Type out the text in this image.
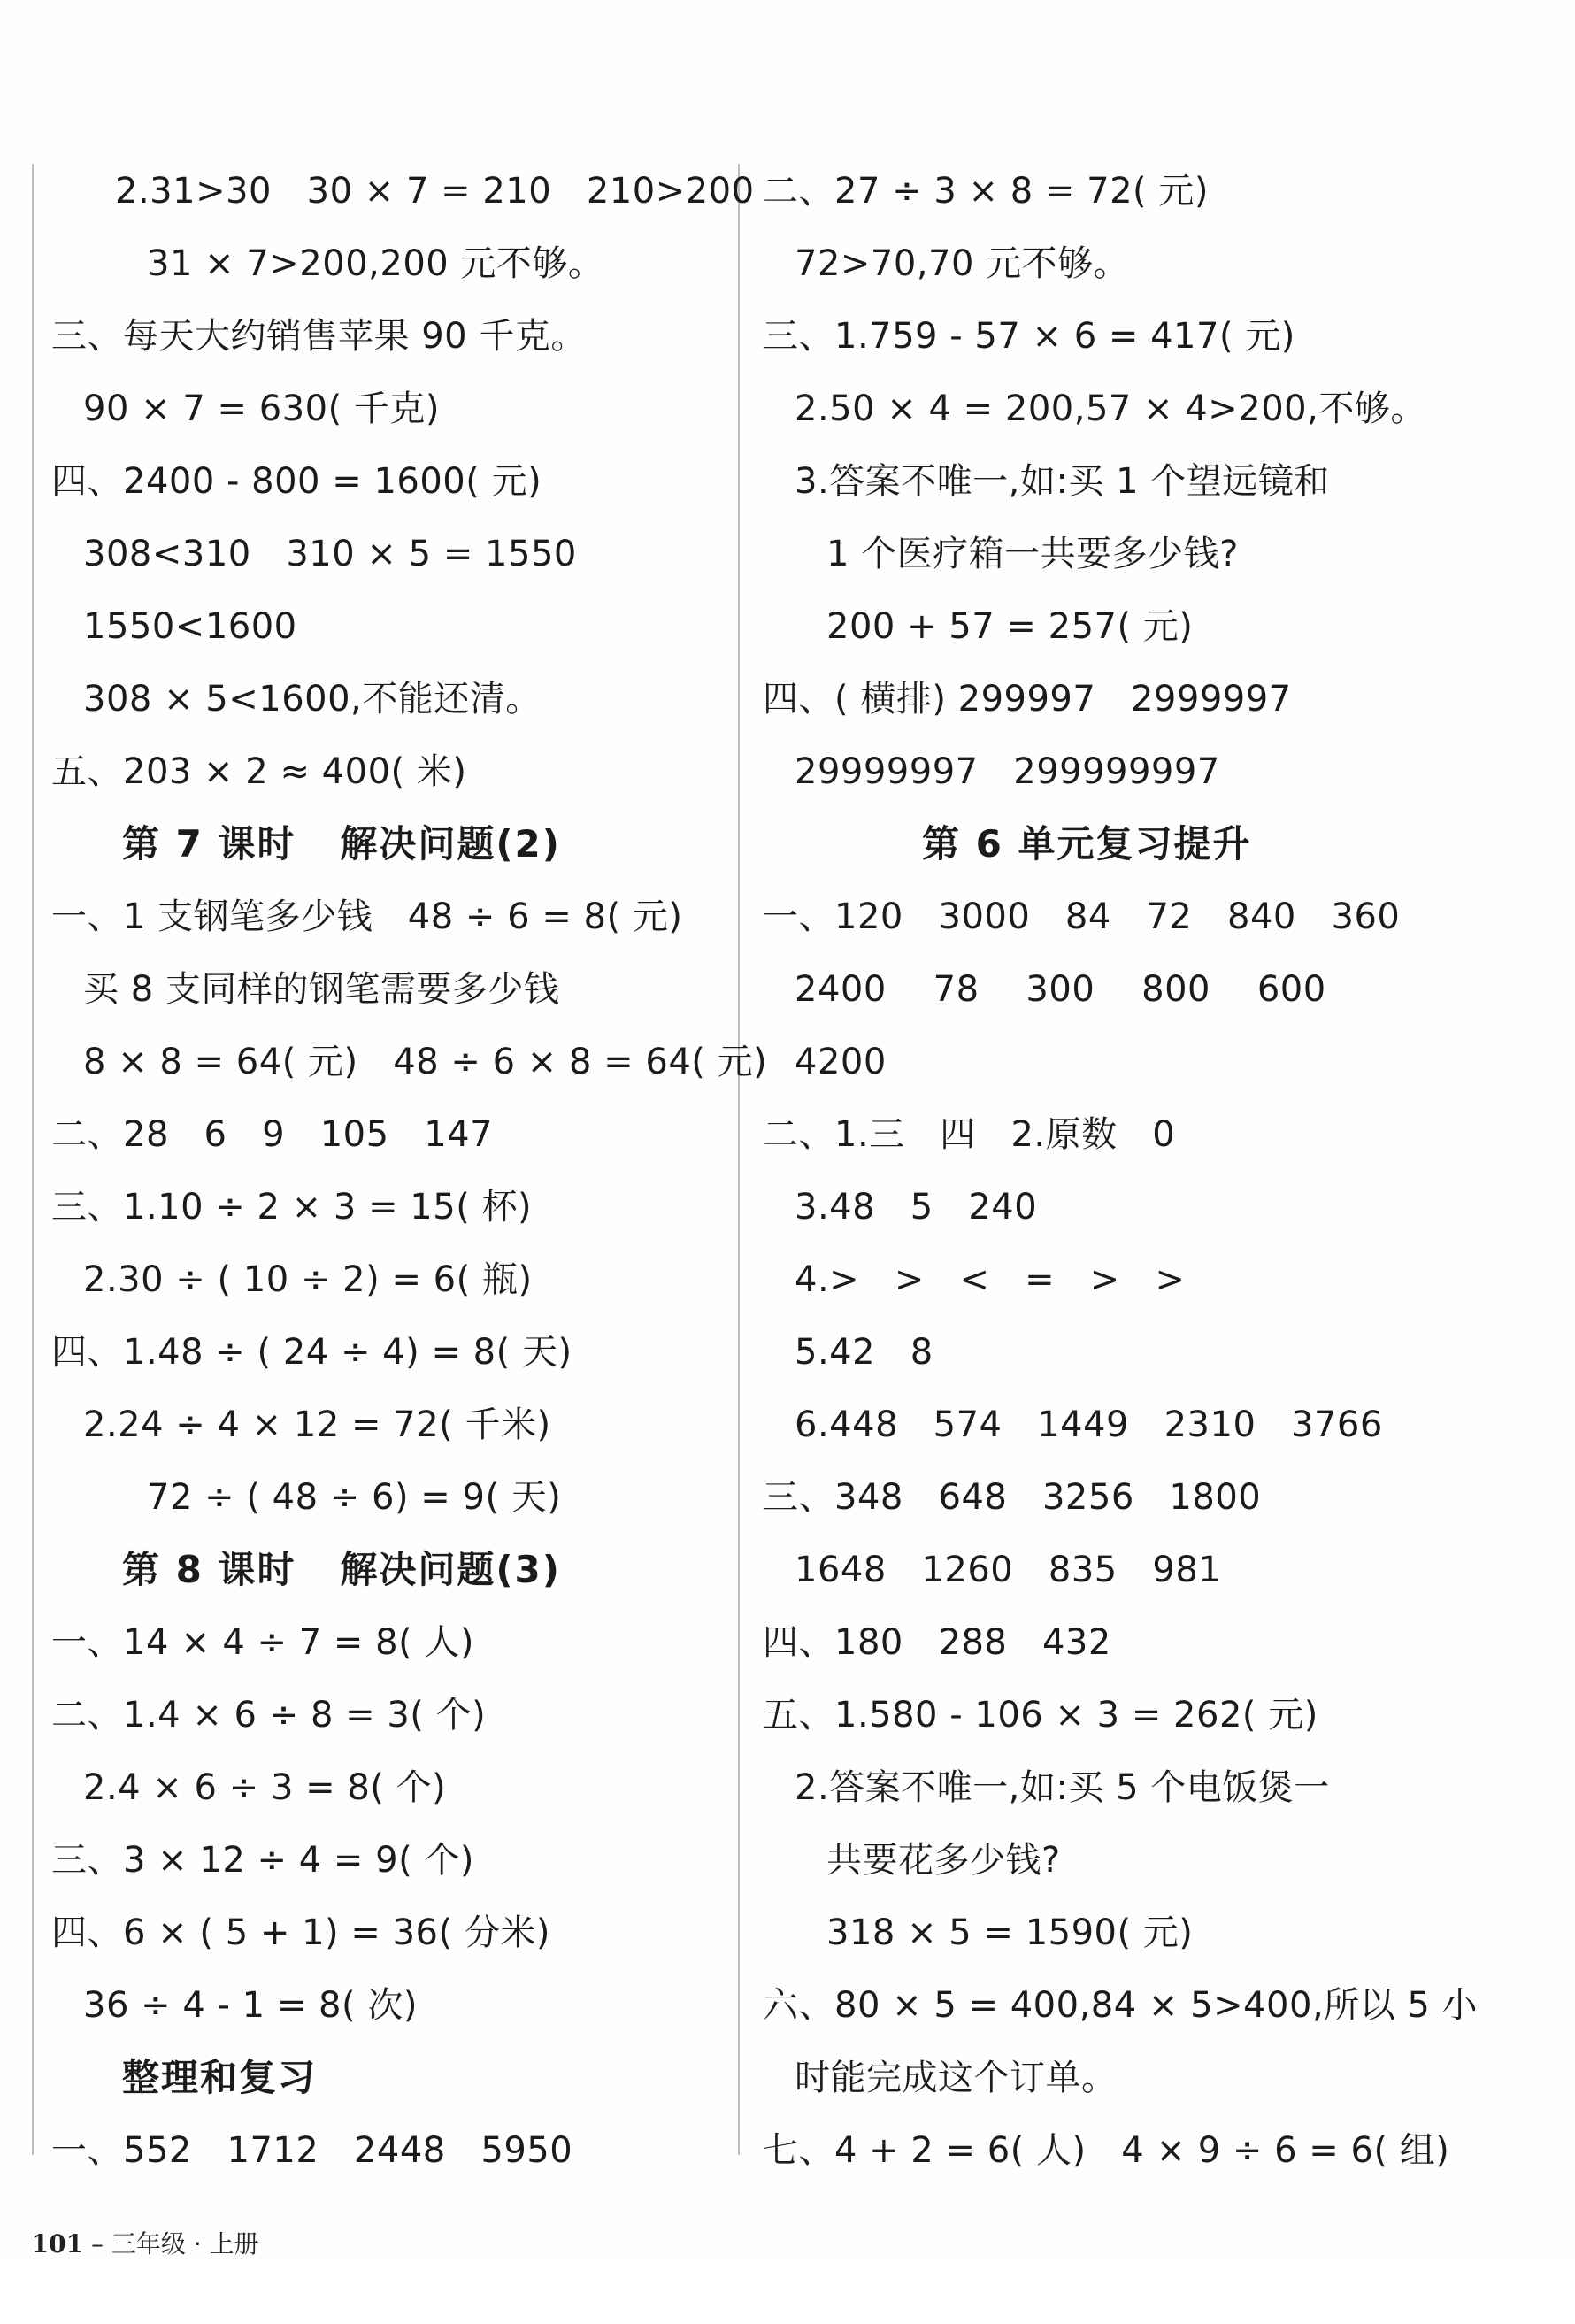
2.31>30   30 × 7 = 210   210>200
31 × 7>200,200 元不够。
三、每天大约销售苹果 90 千克。
90 × 7 = 630( 千克)
四、2400 - 800 = 1600( 元)
308<310   310 × 5 = 1550
1550<1600
308 × 5<1600,不能还清。
五、203 × 2 ≈ 400( 米)
第 7 课时   解决问题(2)
一、1 支钢笔多少钱   48 ÷ 6 = 8( 元)
买 8 支同样的钢笔需要多少钱
8 × 8 = 64( 元)   48 ÷ 6 × 8 = 64( 元)
二、28   6   9   105   147
三、1.10 ÷ 2 × 3 = 15( 杯)
2.30 ÷ ( 10 ÷ 2) = 6( 瓶)
四、1.48 ÷ ( 24 ÷ 4) = 8( 天)
2.24 ÷ 4 × 12 = 72( 千米)
72 ÷ ( 48 ÷ 6) = 9( 天)
第 8 课时   解决问题(3)
一、14 × 4 ÷ 7 = 8( 人)
二、1.4 × 6 ÷ 8 = 3( 个)
2.4 × 6 ÷ 3 = 8( 个)
三、3 × 12 ÷ 4 = 9( 个)
四、6 × ( 5 + 1) = 36( 分米)
36 ÷ 4 - 1 = 8( 次)
整理和复习
一、552   1712   2448   5950
二、27 ÷ 3 × 8 = 72( 元)
72>70,70 元不够。
三、1.759 - 57 × 6 = 417( 元)
2.50 × 4 = 200,57 × 4>200,不够。
3.答案不唯一,如:买 1 个望远镜和
1 个医疗箱一共要多少钱?
200 + 57 = 257( 元)
四、( 横排) 299997   2999997
29999997   299999997
第 6 单元复习提升
一、120   3000   84   72   840   360
2400    78    300    800    600
4200
二、1.三   四   2.原数   0
3.48   5   240
4.>   >   <   =   >   >
5.42   8
6.448   574   1449   2310   3766
三、348   648   3256   1800
1648   1260   835   981
四、180   288   432
五、1.580 - 106 × 3 = 262( 元)
2.答案不唯一,如:买 5 个电饭煲一
共要花多少钱?
318 × 5 = 1590( 元)
六、80 × 5 = 400,84 × 5>400,所以 5 小
时能完成这个订单。
七、4 + 2 = 6( 人)   4 × 9 ÷ 6 = 6( 组)

101 – 三年级 · 上册
